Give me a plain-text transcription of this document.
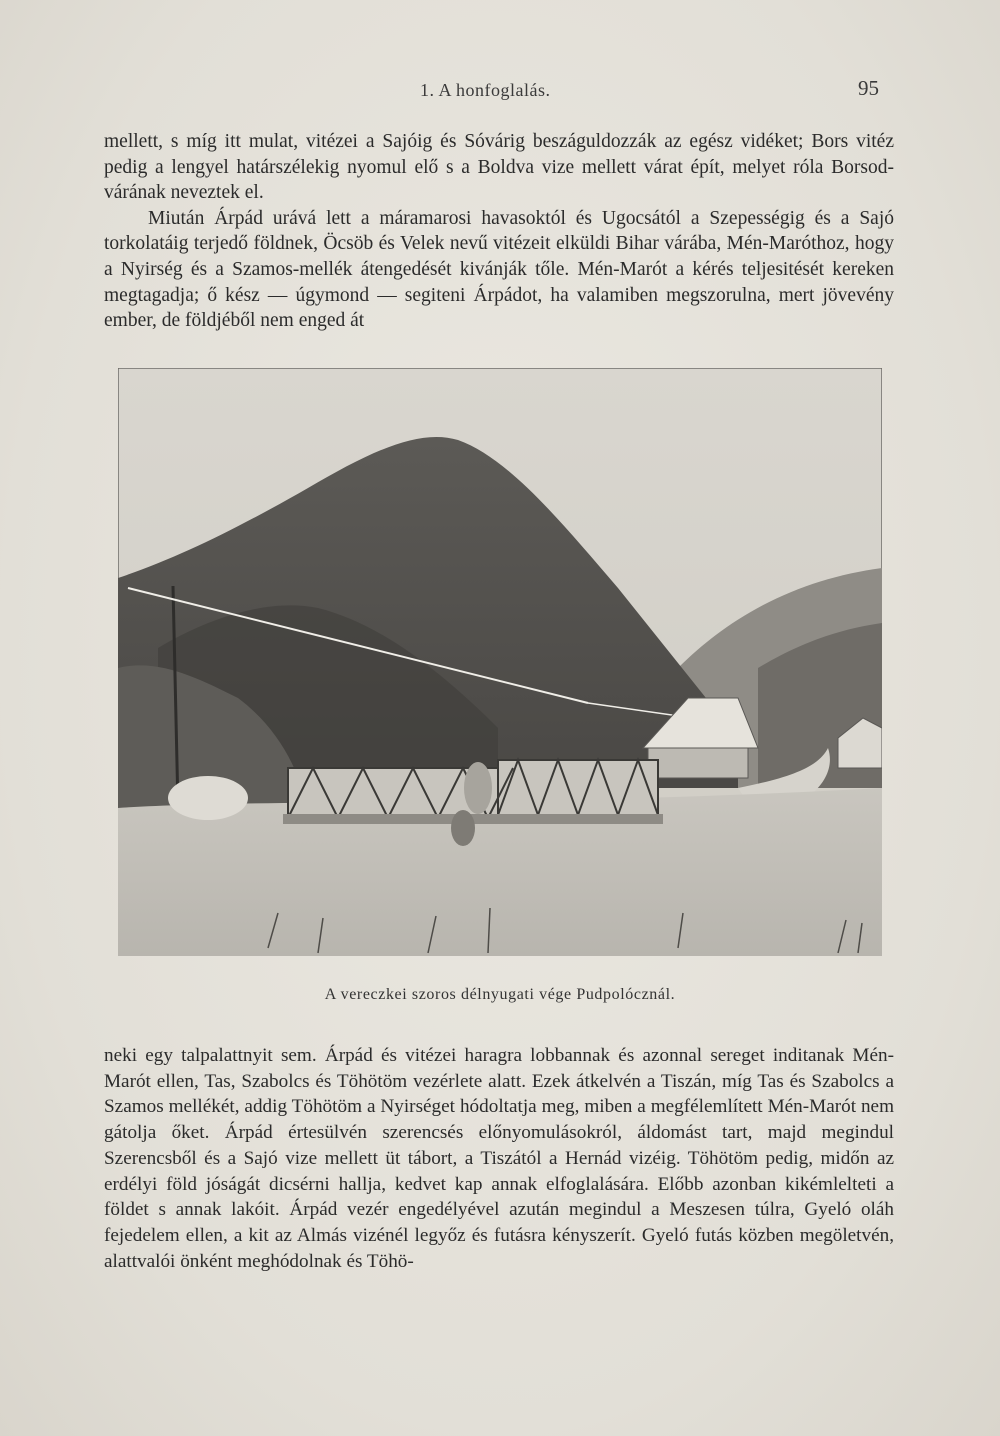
1. A honfoglalás.	95

mellett, s míg itt mulat, vitézei a Sajóig és Sóvárig beszáguldozzák az egész vidéket; Bors vitéz pedig a lengyel határszélekig nyomul elő s a Boldva vize mellett várat épít, melyet róla Borsod-várának neveztek el.

Miután Árpád urává lett a máramarosi havasoktól és Ugocsától a Szepességig és a Sajó torkolatáig terjedő földnek, Öcsöb és Velek nevű vitézeit elküldi Bihar várába, Mén-Maróthoz, hogy a Nyirség és a Szamos-mellék átengedését kivánják tőle. Mén-Marót a kérés teljesitését kereken megtagadja; ő kész — úgymond — segiteni Árpádot, ha valamiben megszorulna, mert jövevény ember, de földjéből nem enged át

A vereczkei szoros délnyugati vége Pudpolócznál.

neki egy talpalattnyit sem. Árpád és vitézei haragra lobbannak és azonnal sereget inditanak Mén-Marót ellen, Tas, Szabolcs és Töhötöm vezérlete alatt. Ezek átkelvén a Tiszán, míg Tas és Szabolcs a Szamos mellékét, addig Töhötöm a Nyirséget hódoltatja meg, miben a megfélemlített Mén-Marót nem gátolja őket. Árpád értesülvén szerencsés előnyomulásokról, áldomást tart, majd megindul Szerencsből és a Sajó vize mellett üt tábort, a Tiszától a Hernád vizéig. Töhötöm pedig, midőn az erdélyi föld jóságát dicsérni hallja, kedvet kap annak elfoglalására. Előbb azonban kikémlelteti a földet s annak lakóit. Árpád vezér engedélyével azután megindul a Meszesen túlra, Gyeló oláh fejedelem ellen, a kit az Almás vizénél legyőz és futásra kényszerít. Gyeló futás közben megöletvén, alattvalói önként meghódolnak és Töhö-
